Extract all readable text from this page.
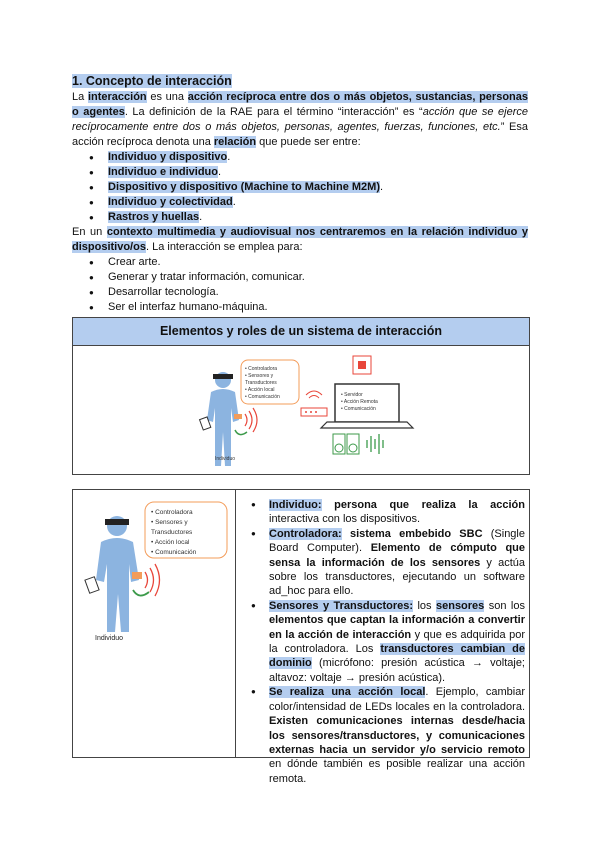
1. Concepto de interacción
La interacción es una acción recíproca entre dos o más objetos, sustancias, personas o agentes. La definición de la RAE para el término “interacción” es “acción que se ejerce recíprocamente entre dos o más objetos, personas, agentes, fuerzas, funciones, etc.” Esa acción recíproca denota una relación que puede ser entre:
● Individuo y dispositivo.
● Individuo e individuo.
● Dispositivo y dispositivo (Machine to Machine M2M).
● Individuo y colectividad.
● Rastros y huellas.
En un contexto multimedia y audiovisual nos centraremos en la relación individuo y dispositivo/os. La interacción se emplea para:
● Crear arte.
● Generar y tratar información, comunicar.
● Desarrollar tecnología.
● Ser el interfaz humano-máquina.
Elementos y roles de un sistema de interacción
Individuo
• Controladora
• Sensores y
Transductores
• Acción local
• Comunicación	• Servidor
• Acción Remota
• Comunicación
Individuo
• Controladora
• Sensores y
Transductores
• Acción local
• Comunicación
● Individuo: persona que realiza la acción interactiva con los dispositivos.
● Controladora: sistema embebido SBC (Single Board Computer). Elemento de cómputo que sensa la información de los sensores y actúa sobre los transductores, ejecutando un software ad_hoc para ello.
● Sensores y Transductores: los sensores son los elementos que captan la información a convertir en la acción de interacción y que es adquirida por la controladora. Los transductores cambian de dominio (micrófono: presión acústica → voltaje; altavoz: voltaje → presión acústica).
● Se realiza una acción local. Ejemplo, cambiar color/intensidad de LEDs locales en la controladora. Existen comunicaciones internas desde/hacia los sensores/transductores, y comunicaciones externas hacia un servidor y/o servicio remoto en dónde también es posible realizar una acción remota.
